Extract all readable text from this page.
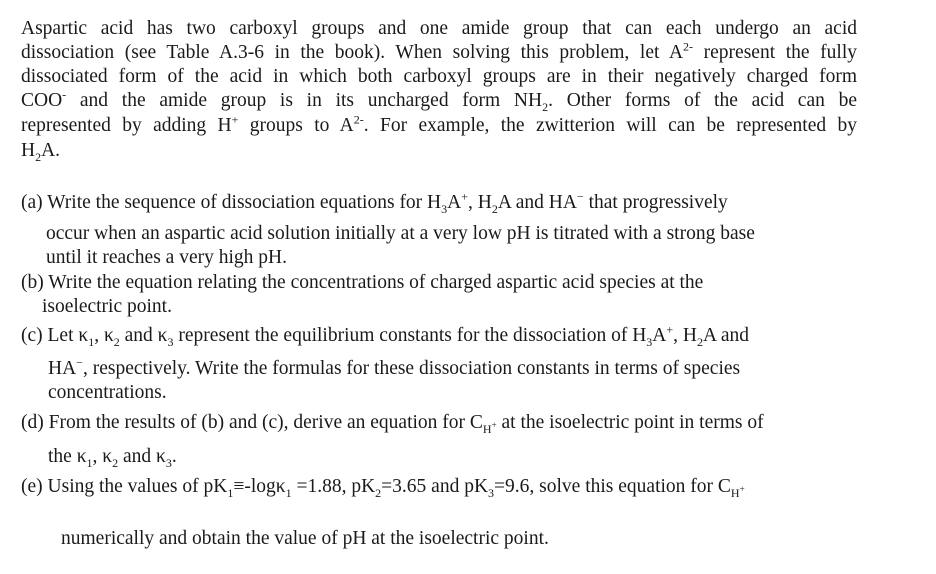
Aspartic acid has two carboxyl groups and one amide group that can each undergo an acid
dissociation (see Table A.3-6 in the book). When solving this problem, let $A^{2-}$ represent the fully
dissociated form of the acid in which both carboxyl groups are in their negatively charged form
COO- and the amide group is in its uncharged form $NH_2$. Other forms of the acid can be
represented by adding H+ groups to $A^{2-}$. For example, the zwitterion will can be represented by
$H_2A$.
(a) Write the sequence of dissociation equations for $H_3A^+$, $H_2A$ and HA− that progressively
occur when an aspartic acid solution initially at a very low pH is titrated with a strong base
until it reaches a very high pH.
(b) Write the equation relating the concentrations of charged aspartic acid species at the
isoelectric point.
(c) Let $\kappa_1$, $\kappa_2$ and $\kappa_3$ represent the equilibrium constants for the dissociation of $H_3A^+$, $H_2A$ and
HA−, respectively. Write the formulas for these dissociation constants in terms of species
concentrations.
(d) From the results of (b) and (c), derive an equation for $C_{H^+}$ at the isoelectric point in terms of
the $\kappa_1$, $\kappa_2$ and $\kappa_3$.
(e) Using the values of $pK_1\equiv-\log\kappa_1 =1.88$, $pK_2=3.65$ and $pK_3=9.6$, solve this equation for $C_{H^+}$
numerically and obtain the value of pH at the isoelectric point.
